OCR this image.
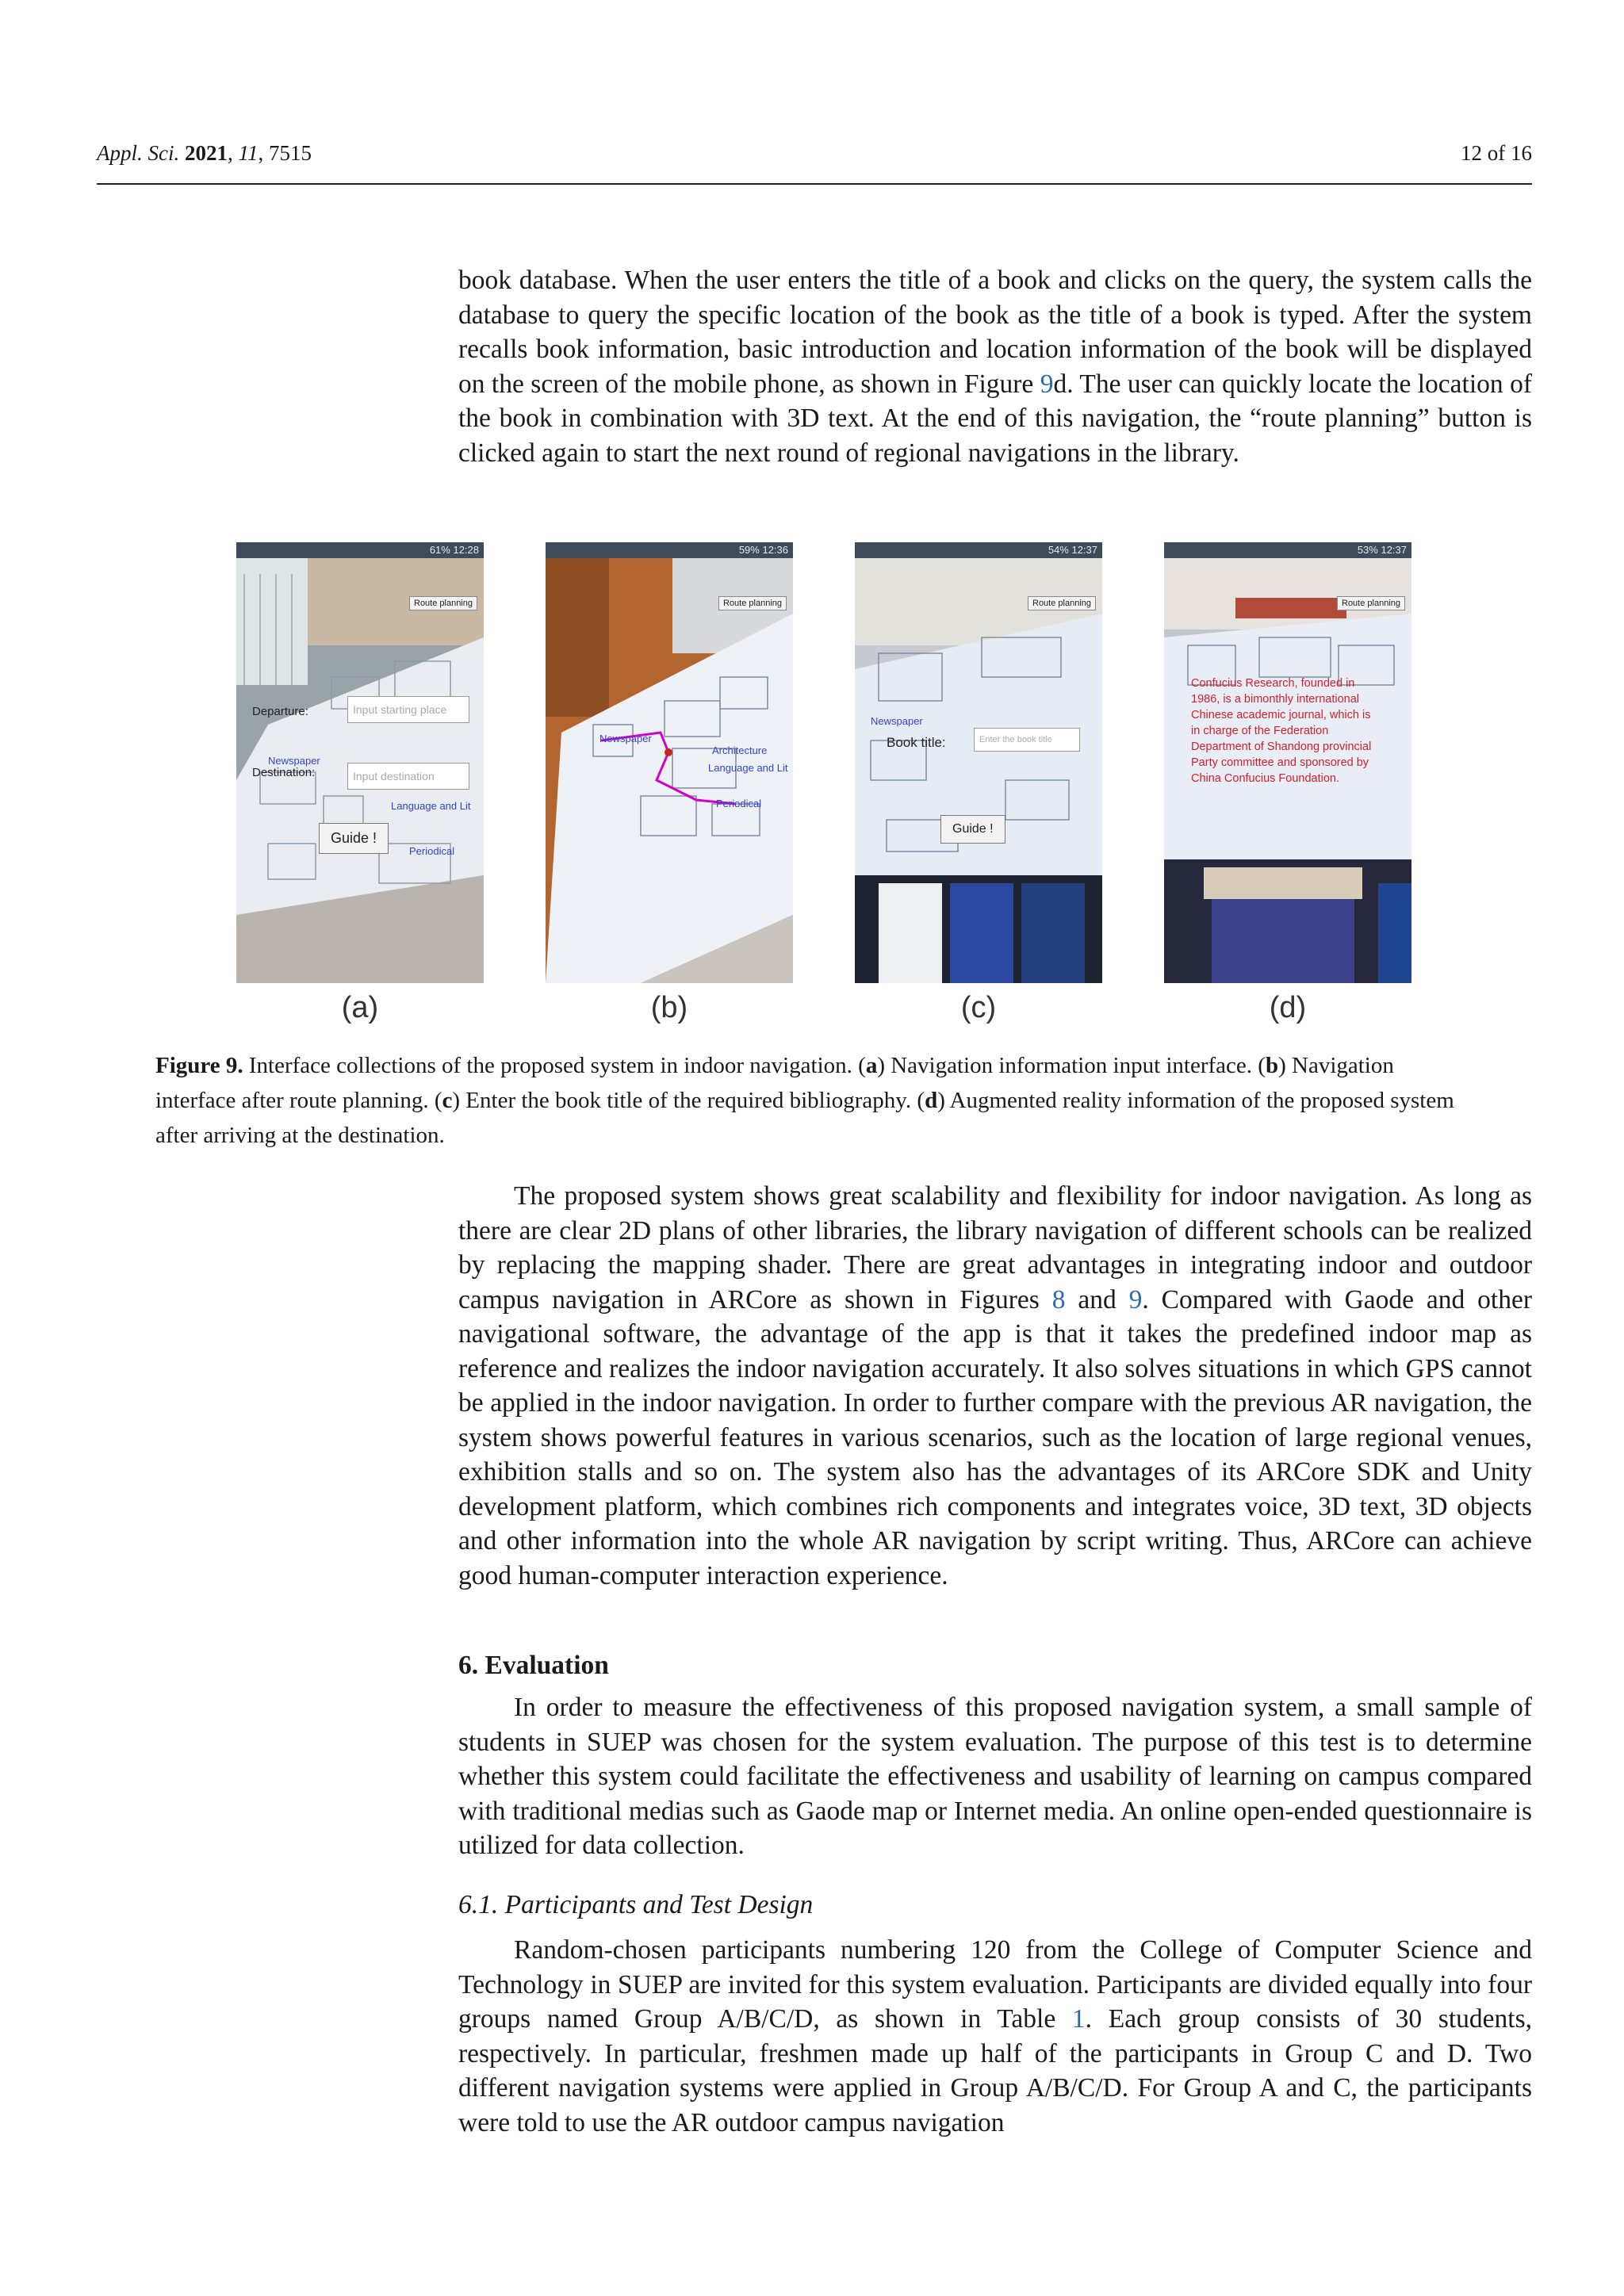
Appl. Sci. 2021, 11, 7515	12 of 16

book database. When the user enters the title of a book and clicks on the query, the system calls the database to query the specific location of the book as the title of a book is typed. After the system recalls book information, basic introduction and location information of the book will be displayed on the screen of the mobile phone, as shown in Figure 9d. The user can quickly locate the location of the book in combination with 3D text. At the end of this navigation, the “route planning” button is clicked again to start the next round of regional navigations in the library.

61% 12:28
Route planning
Departure:	Input starting place
Destination:	Input destination
Newspaper
Language and Lit
Guide !
Periodical
(a)
59% 12:36
Route planning
Newspaper
Architecture
Language and Lit
Periodical
(b)
54% 12:37
Route planning
Newspaper
Book title:	Enter the book title
Guide !
(c)
53% 12:37
Route planning
Confucius Research, founded in 1986, is a bimonthly international Chinese academic journal, which is in charge of the Federation Department of Shandong provincial Party committee and sponsored by China Confucius Foundation.
(d)
Figure 9. Interface collections of the proposed system in indoor navigation. (a) Navigation information input interface. (b) Navigation interface after route planning. (c) Enter the book title of the required bibliography. (d) Augmented reality information of the proposed system after arriving at the destination.

The proposed system shows great scalability and flexibility for indoor navigation. As long as there are clear 2D plans of other libraries, the library navigation of different schools can be realized by replacing the mapping shader. There are great advantages in integrating indoor and outdoor campus navigation in ARCore as shown in Figures 8 and 9. Compared with Gaode and other navigational software, the advantage of the app is that it takes the predefined indoor map as reference and realizes the indoor navigation accurately. It also solves situations in which GPS cannot be applied in the indoor navigation. In order to further compare with the previous AR navigation, the system shows powerful features in various scenarios, such as the location of large regional venues, exhibition stalls and so on. The system also has the advantages of its ARCore SDK and Unity development platform, which combines rich components and integrates voice, 3D text, 3D objects and other information into the whole AR navigation by script writing. Thus, ARCore can achieve good human-computer interaction experience.

6. Evaluation

In order to measure the effectiveness of this proposed navigation system, a small sample of students in SUEP was chosen for the system evaluation. The purpose of this test is to determine whether this system could facilitate the effectiveness and usability of learning on campus compared with traditional medias such as Gaode map or Internet media. An online open-ended questionnaire is utilized for data collection.

6.1. Participants and Test Design

Random-chosen participants numbering 120 from the College of Computer Science and Technology in SUEP are invited for this system evaluation. Participants are divided equally into four groups named Group A/B/C/D, as shown in Table 1. Each group consists of 30 students, respectively. In particular, freshmen made up half of the participants in Group C and D. Two different navigation systems were applied in Group A/B/C/D. For Group A and C, the participants were told to use the AR outdoor campus navigation
